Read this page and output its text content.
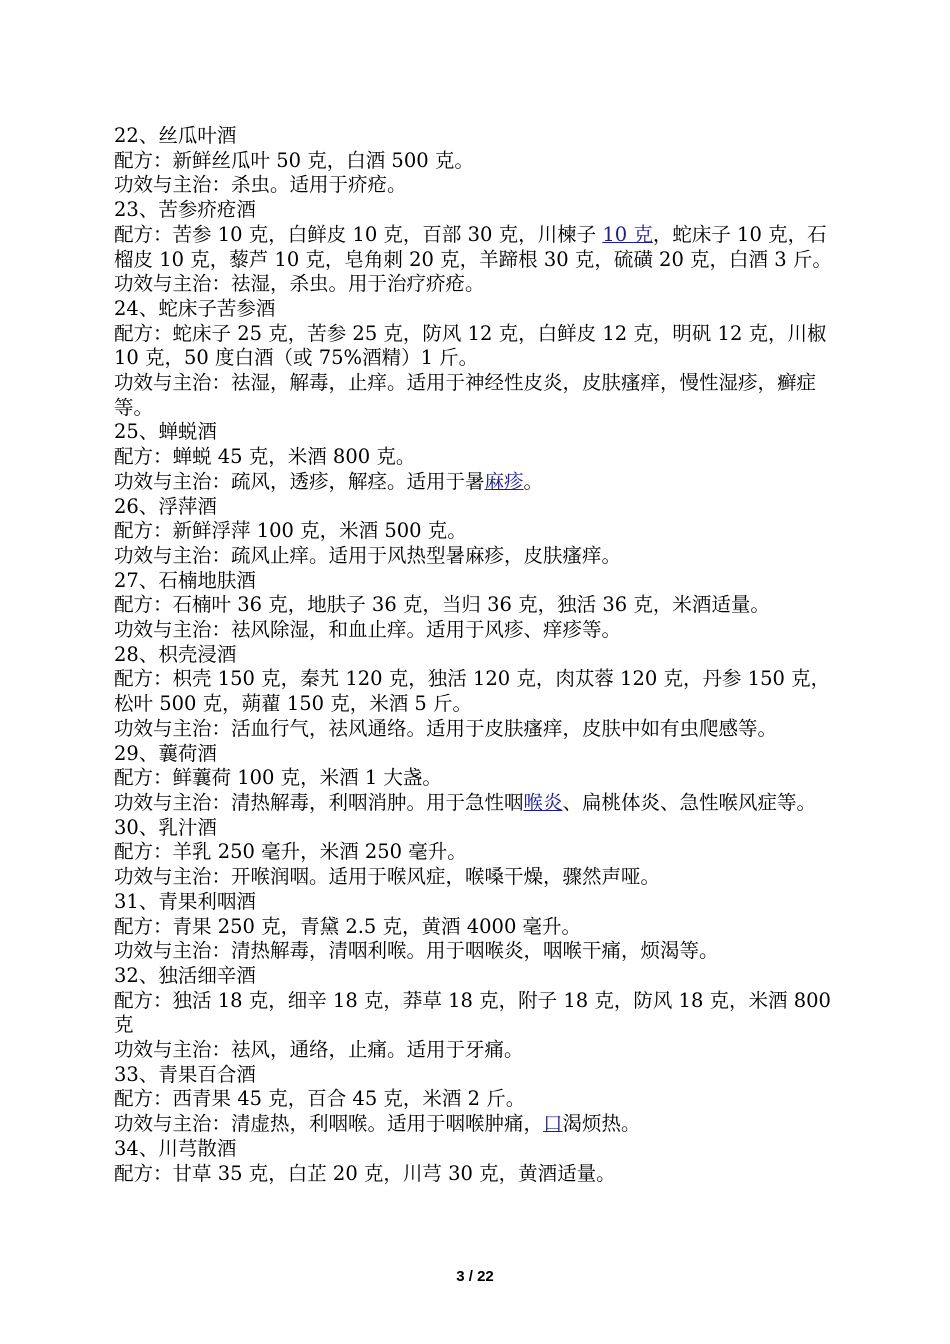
22、丝瓜叶酒

配方：新鲜丝瓜叶 50 克，白酒 500 克。

功效与主治：杀虫。适用于疥疮。

23、苦参疥疮酒

配方：苦参 10 克，白鲜皮 10 克，百部 30 克，川楝子 10 克，蛇床子 10 克，石榴皮 10 克，藜芦 10 克，皂角刺 20 克，羊蹄根 30 克，硫磺 20 克，白酒 3 斤。

功效与主治：祛湿，杀虫。用于治疗疥疮。

24、蛇床子苦参酒

配方：蛇床子 25 克，苦参 25 克，防风 12 克，白鲜皮 12 克，明矾 12 克，川椒 10 克，50 度白酒（或 75%酒精）1 斤。

功效与主治：祛湿，解毒，止痒。适用于神经性皮炎，皮肤瘙痒，慢性湿疹，癣症等。

25、蝉蜕酒

配方：蝉蜕 45 克，米酒 800 克。

功效与主治：疏风，透疹，解痉。适用于暑麻疹。

26、浮萍酒

配方：新鲜浮萍 100 克，米酒 500 克。

功效与主治：疏风止痒。适用于风热型暑麻疹，皮肤瘙痒。

27、石楠地肤酒

配方：石楠叶 36 克，地肤子 36 克，当归 36 克，独活 36 克，米酒适量。

功效与主治：祛风除湿，和血止痒。适用于风疹、痒疹等。

28、枳壳浸酒

配方：枳壳 150 克，秦艽 120 克，独活 120 克，肉苁蓉 120 克，丹参 150 克，松叶 500 克，蒴藋 150 克，米酒 5 斤。

功效与主治：活血行气，祛风通络。适用于皮肤瘙痒，皮肤中如有虫爬感等。

29、蘘荷酒

配方：鲜蘘荷 100 克，米酒 1 大盏。

功效与主治：清热解毒，利咽消肿。用于急性咽喉炎、扁桃体炎、急性喉风症等。

30、乳汁酒

配方：羊乳 250 毫升，米酒 250 毫升。

功效与主治：开喉润咽。适用于喉风症，喉嗓干燥，骤然声哑。

31、青果利咽酒

配方：青果 250 克，青黛 2.5 克，黄酒 4000 毫升。

功效与主治：清热解毒，清咽利喉。用于咽喉炎，咽喉干痛，烦渴等。

32、独活细辛酒

配方：独活 18 克，细辛 18 克，莽草 18 克，附子 18 克，防风 18 克，米酒 800 克

功效与主治：祛风，通络，止痛。适用于牙痛。

33、青果百合酒

配方：西青果 45 克，百合 45 克，米酒 2 斤。

功效与主治：清虚热，利咽喉。适用于咽喉肿痛，口渴烦热。

34、川芎散酒

配方：甘草 35 克，白芷 20 克，川芎 30 克，黄酒适量。

3 / 22
